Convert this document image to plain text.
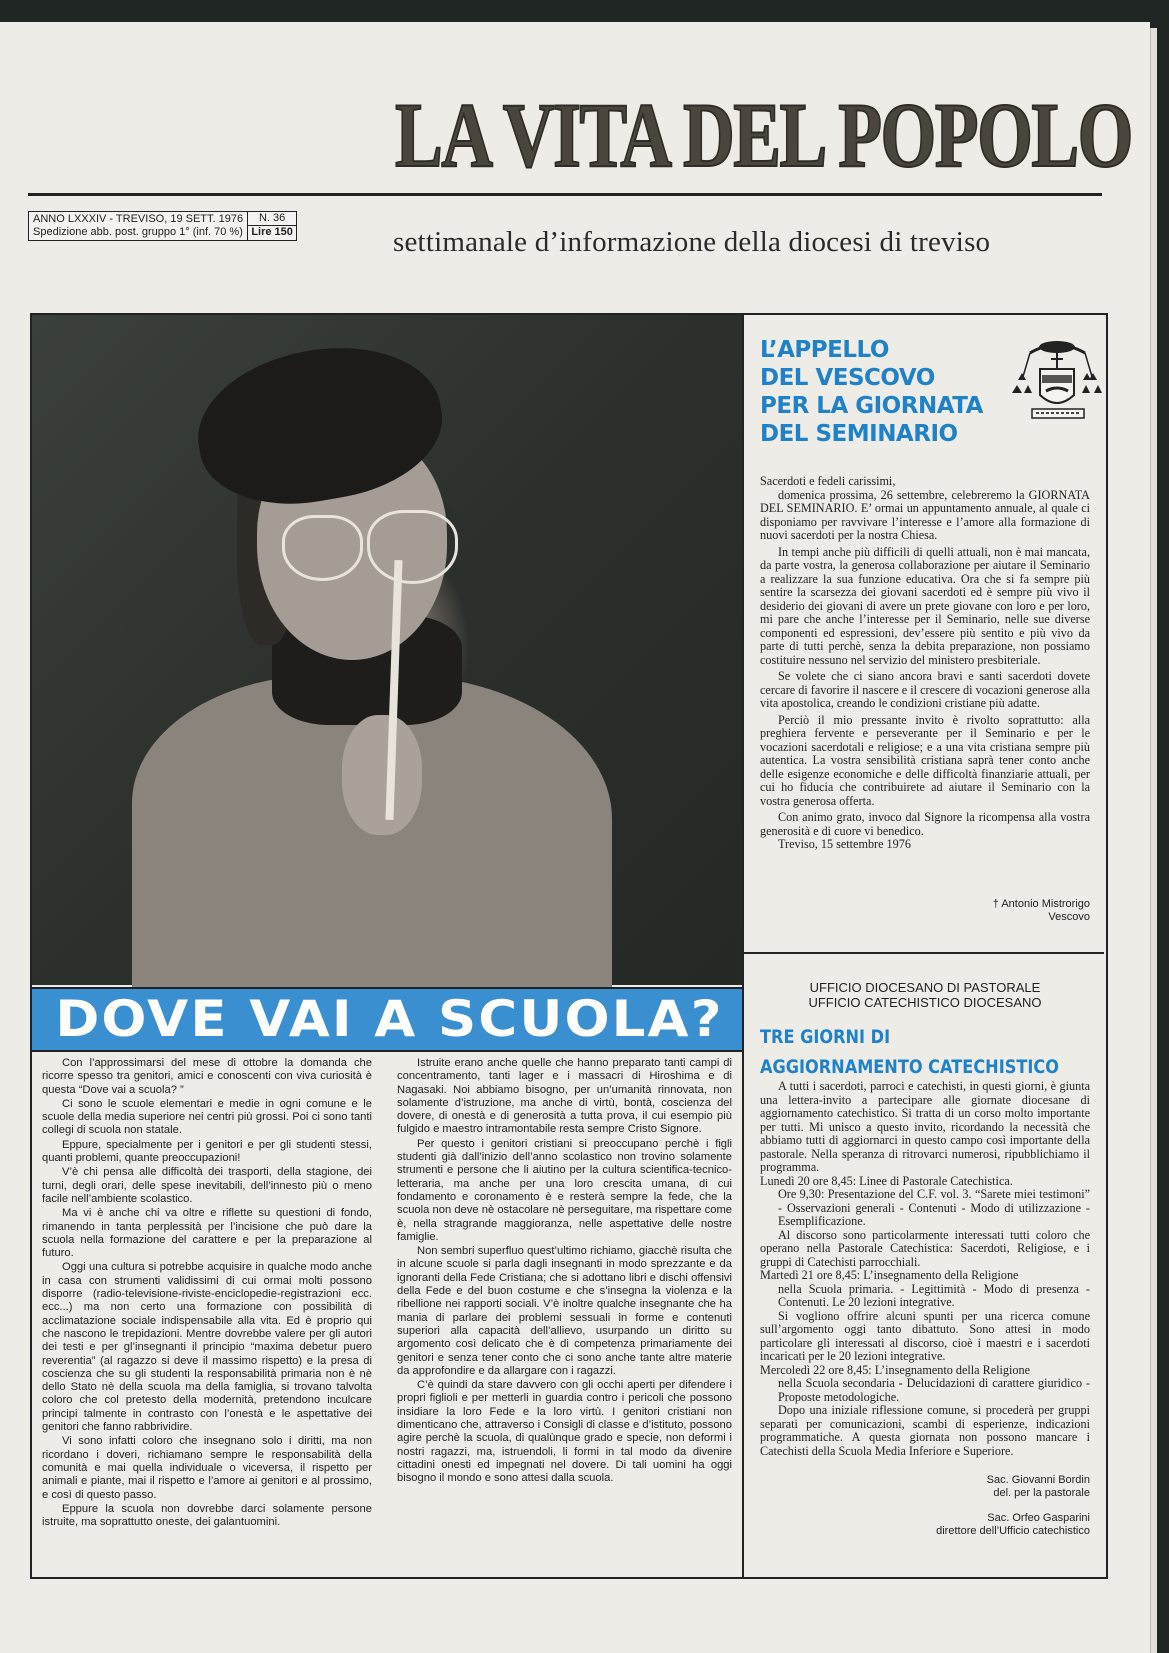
LA VITA DEL POPOLO
ANNO LXXXIV - TREVISO, 19 SETT. 1976
Spedizione abb. post. gruppo 1° (inf. 70 %)
N. 36
Lire 150	settimanale d’informazione della diocesi di treviso
DOVE VAI A SCUOLA?

Con l’approssimarsi del mese di ottobre la domanda che ricorre spesso tra genitori, amici e conoscenti con viva curiosità è questa “Dove vai a scuola? ”

Ci sono le scuole elementari e medie in ogni comune e le scuole della media superiore nei centri più grossi. Poi ci sono tanti collegi di scuola non statale.

Eppure, specialmente per i genitori e per gli studenti stessi, quanti problemi, quante preoccupazioni!

V’è chi pensa alle difficoltà dei trasporti, della stagione, dei turni, degli orari, delle spese inevitabili, dell’innesto più o meno facile nell’ambiente scolastico.

Ma vi è anche chi va oltre e riflette su questioni di fondo, rimanendo in tanta perplessità per l’incisione che può dare la scuola nella formazione del carattere e per la preparazione al futuro.

Oggi una cultura si potrebbe acquisire in qualche modo anche in casa con strumenti validissimi di cui ormai molti possono disporre (radio-televisione-riviste-enciclopedie-registrazioni ecc. ecc...) ma non certo una formazione con possibilità di acclimatazione sociale indispensabile alla vita. Ed è proprio qui che nascono le trepidazioni. Mentre dovrebbe valere per gli autori dei testi e per gl’insegnanti il principio “maxima debetur puero reverentia” (al ragazzo si deve il massimo rispetto) e la presa di coscienza che su gli studenti la responsabilità primaria non è nè dello Stato nè della scuola ma della famiglia, si trovano talvolta coloro che col pretesto della modernità, pretendono inculcare principi talmente in contrasto con l’onestà e le aspettative dei genitori che fanno rabbrividire.

Vi sono infatti coloro che insegnano solo i diritti, ma non ricordano i doveri, richiamano sempre le responsabilità della comunità e mai quella individuale o viceversa, il rispetto per animali e piante, mai il rispetto e l’amore ai genitori e al prossimo, e così di questo passo.

Eppure la scuola non dovrebbe darci solamente persone istruite, ma soprattutto oneste, dei galantuomini.

Istruite erano anche quelle che hanno preparato tanti campi di concentramento, tanti lager e i massacri di Hiroshima e di Nagasaki. Noi abbiamo bisogno, per un’umanità rinnovata, non solamente d’istruzione, ma anche di virtù, bontà, coscienza del dovere, di onestà e di generosità a tutta prova, il cui esempio più fulgido e maestro intramontabile resta sempre Cristo Signore.

Per questo i genitori cristiani si preoccupano perchè i figli studenti già dall’inizio dell’anno scolastico non trovino solamente strumenti e persone che li aiutino per la cultura scientifica-tecnico-letteraria, ma anche per una loro crescita umana, di cui fondamento e coronamento è e resterà sempre la fede, che la scuola non deve nè ostacolare nè perseguitare, ma rispettare come è, nella stragrande maggioranza, nelle aspettative delle nostre famiglie.

Non sembri superfluo quest’ultimo richiamo, giacchè risulta che in alcune scuole si parla dagli insegnanti in modo sprezzante e da ignoranti della Fede Cristiana; che si adottano libri e dischi offensivi della Fede e del buon costume e che s’insegna la violenza e la ribellione nei rapporti sociali. V’è inoltre qualche insegnante che ha mania di parlare dei problemi sessuali in forme e contenuti superiori alla capacità dell’allievo, usurpando un diritto su argomento così delicato che è di competenza primariamente dei genitori e senza tener conto che ci sono anche tante altre materie da approfondire e da allargare con i ragazzi.

C’è quindi da stare davvero con gli occhi aperti per difendere i propri figlioli e per metterli in guardia contro i pericoli che possono insidiare la loro Fede e la loro virtù. I genitori cristiani non dimenticano che, attraverso i Consigli di classe e d’istituto, possono agire perchè la scuola, di qualùnque grado e specie, non deformi i nostri ragazzi, ma, istruendoli, li formi in tal modo da divenire cittadini onesti ed impegnati nel dovere. Di tali uomini ha oggi bisogno il mondo e sono attesi dalla scuola.

L’APPELLO
DEL VESCOVO
PER LA GIORNATA
DEL SEMINARIO

Sacerdoti e fedeli carissimi,

domenica prossima, 26 settembre, celebreremo la GIORNATA DEL SEMINARIO. E’ ormai un appuntamento annuale, al quale ci disponiamo per ravvivare l’interesse e l’amore alla formazione di nuovi sacerdoti per la nostra Chiesa.

In tempi anche più difficili di quelli attuali, non è mai mancata, da parte vostra, la generosa collaborazione per aiutare il Seminario a realizzare la sua funzione educativa. Ora che si fa sempre più sentire la scarsezza dei giovani sacerdoti ed è sempre più vivo il desiderio dei giovani di avere un prete giovane con loro e per loro, mi pare che anche l’interesse per il Seminario, nelle sue diverse componenti ed espressioni, dev’essere più sentito e più vivo da parte di tutti perchè, senza la debita preparazione, non possiamo costituire nessuno nel servizio del ministero presbiteriale.

Se volete che ci siano ancora bravi e santi sacerdoti dovete cercare di favorire il nascere e il crescere di vocazioni generose alla vita apostolica, creando le condizioni cristiane più adatte.

Perciò il mio pressante invito è rivolto soprattutto: alla preghiera fervente e perseverante per il Seminario e per le vocazioni sacerdotali e religiose; e a una vita cristiana sempre più autentica. La vostra sensibilità cristiana saprà tener conto anche delle esigenze economiche e delle difficoltà finanziarie attuali, per cui ho fiducia che contribuirete ad aiutare il Seminario con la vostra generosa offerta.

Con animo grato, invoco dal Signore la ricompensa alla vostra generosità e di cuore vi benedico.

Treviso, 15 settembre 1976

† Antonio Mistrorigo
Vescovo
UFFICIO DIOCESANO DI PASTORALE
UFFICIO CATECHISTICO DIOCESANO
TRE GIORNI DI
AGGIORNAMENTO CATECHISTICO

A tutti i sacerdoti, parroci e catechisti, in questi giorni, è giunta una lettera-invito a partecipare alle giornate diocesane di aggiornamento catechistico. Si tratta di un corso molto importante per tutti. Mi unisco a questo invito, ricordando la necessità che abbiamo tutti di aggiornarci in questo campo così importante della pastorale. Nella speranza di ritrovarci numerosi, ripubblichiamo il programma.

Lunedì 20 ore 8,45: Linee di Pastorale Catechistica.

Ore 9,30: Presentazione del C.F. vol. 3. “Sarete miei testimoni” - Osservazioni generali - Contenuti - Modo di utilizzazione - Esemplificazione.

Al discorso sono particolarmente interessati tutti coloro che operano nella Pastorale Catechistica: Sacerdoti, Religiose, e i gruppi di Catechisti parrocchiali.

Martedì 21 ore 8,45: L’insegnamento della Religione

nella Scuola primaria. - Legittimità - Modo di presenza - Contenuti. Le 20 lezioni integrative.

Si vogliono offrire alcuni spunti per una ricerca comune sull’argomento oggi tanto dibattuto. Sono attesi in modo particolare gli interessati al discorso, cioè i maestri e i sacerdoti incaricati per le 20 lezioni integrative.

Mercoledì 22 ore 8,45: L’insegnamento della Religione

nella Scuola secondaria - Delucidazioni di carattere giuridico - Proposte metodologiche.

Dopo una iniziale riflessione comune, si procederà per gruppi separati per comunicazioni, scambi di esperienze, indicazioni programmatiche. A questa giornata non possono mancare i Catechisti della Scuola Media Inferiore e Superiore.

Sac. Giovanni Bordin
del. per la pastorale
Sac. Orfeo Gasparini
direttore dell’Ufficio catechistico
